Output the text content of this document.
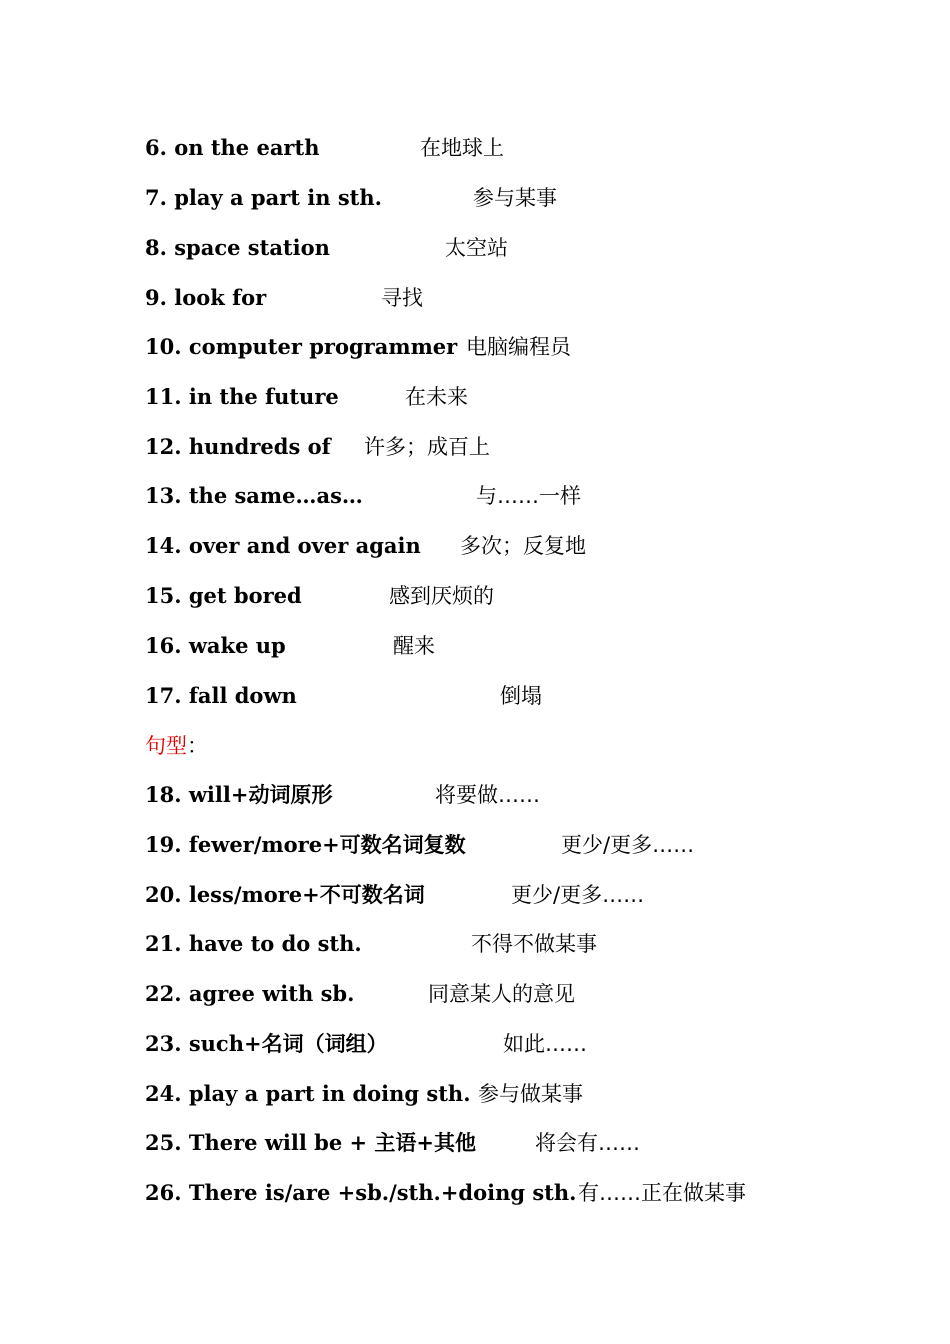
6. on the earth	在地球上
7. play a part in sth.	参与某事
8. space station	太空站
9. look for	寻找
10. computer programmer 电脑编程员
11. in the future	在未来
12. hundreds of 许多；成百上
13. the same…as…	与……一样
14. over and over again 多次；反复地
15. get bored	感到厌烦的
16. wake up	醒来
17. fall down	倒塌
句型：
18. will+动词原形	将要做……
19. fewer/more+可数名词复数	更少/更多……
20. less/more+不可数名词	更少/更多……
21. have to do sth.	不得不做某事
22. agree with sb.	同意某人的意见
23. such+名词（词组）	如此……
24. play a part in doing sth. 参与做某事
25. There will be + 主语+其他	将会有……
26. There is/are +sb./sth.+doing sth. 有……正在做某事
